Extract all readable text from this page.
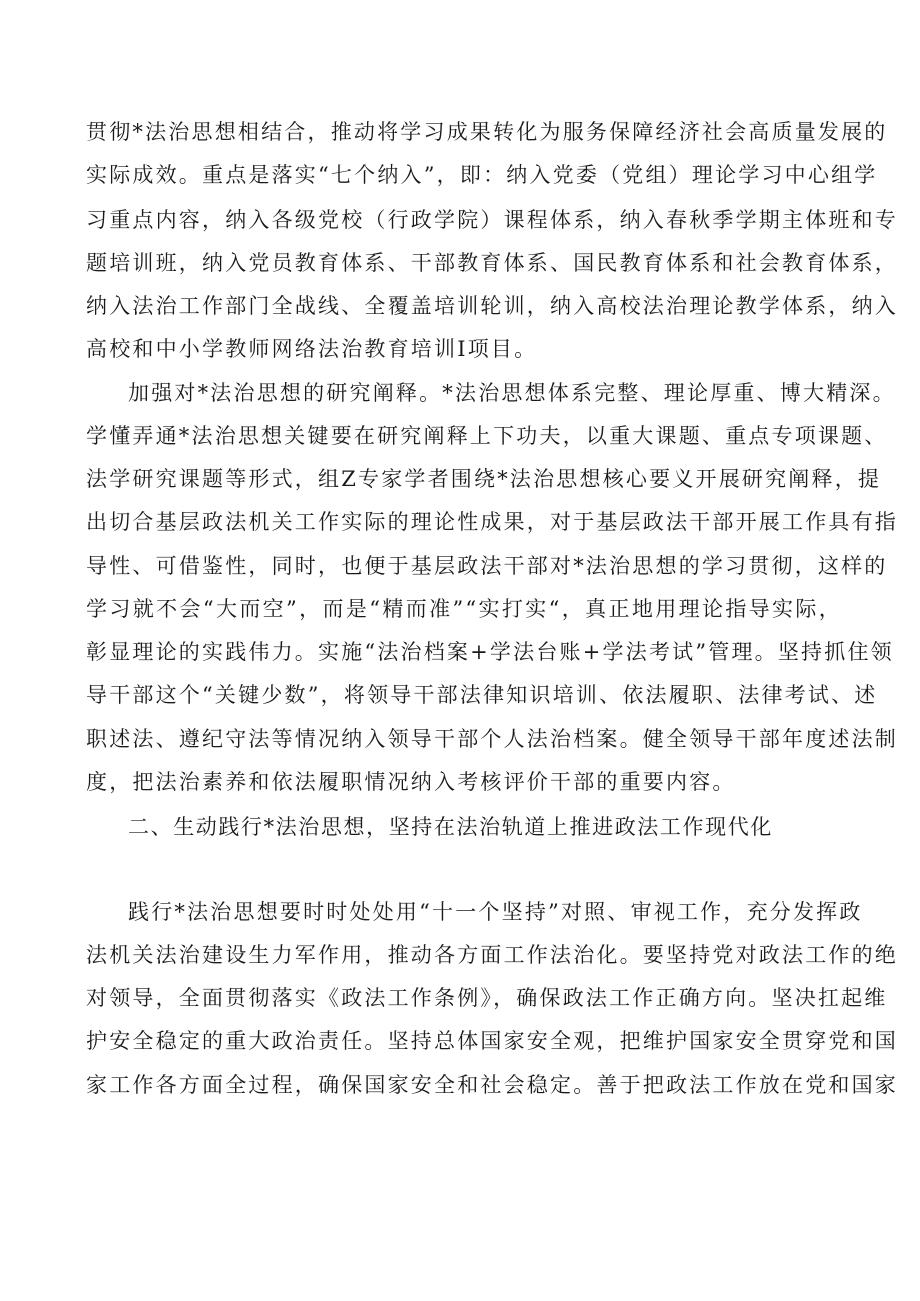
贯彻*法治思想相结合，推动将学习成果转化为服务保障经济社会高质量发展的
实际成效。重点是落实“七个纳入”，即：纳入党委（党组）理论学习中心组学
习重点内容，纳入各级党校（行政学院）课程体系，纳入春秋季学期主体班和专
题培训班，纳入党员教育体系、干部教育体系、国民教育体系和社会教育体系，
纳入法治工作部门全战线、全覆盖培训轮训，纳入高校法治理论教学体系，纳入
高校和中小学教师网络法治教育培训I项目。
加强对*法治思想的研究阐释。*法治思想体系完整、理论厚重、博大精深。
学懂弄通*法治思想关键要在研究阐释上下功夫，以重大课题、重点专项课题、
法学研究课题等形式，组Z专家学者围绕*法治思想核心要义开展研究阐释，提
出切合基层政法机关工作实际的理论性成果，对于基层政法干部开展工作具有指
导性、可借鉴性，同时，也便于基层政法干部对*法治思想的学习贯彻，这样的
学习就不会“大而空”，而是“精而准”“实打实“，真正地用理论指导实际，
彰显理论的实践伟力。实施“法治档案+学法台账+学法考试”管理。坚持抓住领
导干部这个“关键少数”，将领导干部法律知识培训、依法履职、法律考试、述
职述法、遵纪守法等情况纳入领导干部个人法治档案。健全领导干部年度述法制
度，把法治素养和依法履职情况纳入考核评价干部的重要内容。
二、生动践行*法治思想，坚持在法治轨道上推进政法工作现代化
践行*法治思想要时时处处用“十一个坚持”对照、审视工作，充分发挥政
法机关法治建设生力军作用，推动各方面工作法治化。要坚持党对政法工作的绝
对领导，全面贯彻落实《政法工作条例》，确保政法工作正确方向。坚决扛起维
护安全稳定的重大政治责任。坚持总体国家安全观，把维护国家安全贯穿党和国
家工作各方面全过程，确保国家安全和社会稳定。善于把政法工作放在党和国家
